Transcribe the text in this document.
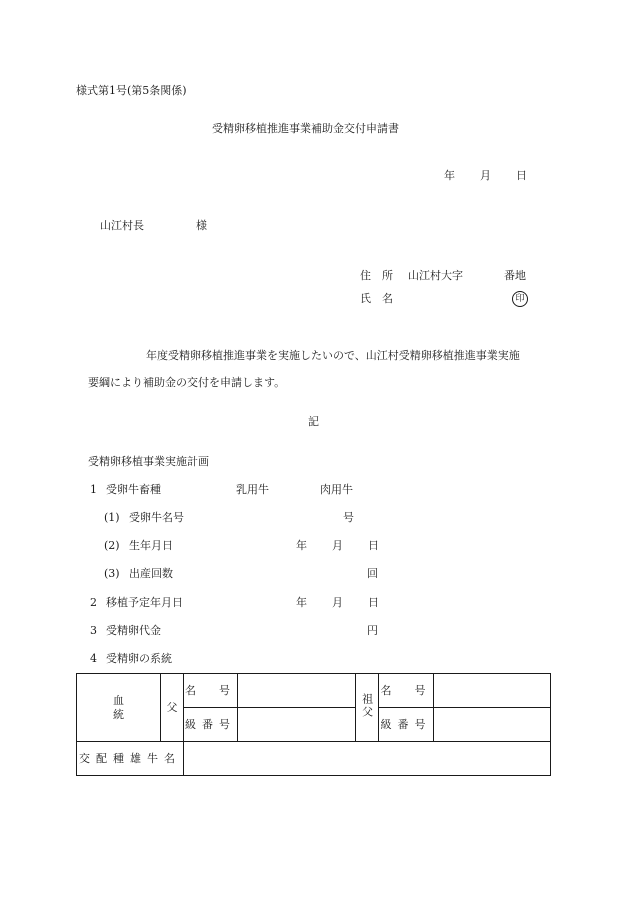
様式第1号(第5条関係)
受精卵移植推進事業補助金交付申請書
年 月 日
山江村長	様
住　所 山江村大字	番地
氏　名	印
年度受精卵移植推進事業を実施したいので、山江村受精卵移植推進事業実施
要綱により補助金の交付を申請します。
記
受精卵移植事業実施計画
1 受卵牛畜種	乳用牛	肉用牛
(1) 受卵牛名号	号
(2) 生年月日	年 月 日
(3) 出産回数	回
2 移植予定年月日	年 月 日
3 受精卵代金	円
4 受精卵の系統
血統	父	名　号		祖父	名　号	
		級番号			級番号	
交配種雄牛名						
